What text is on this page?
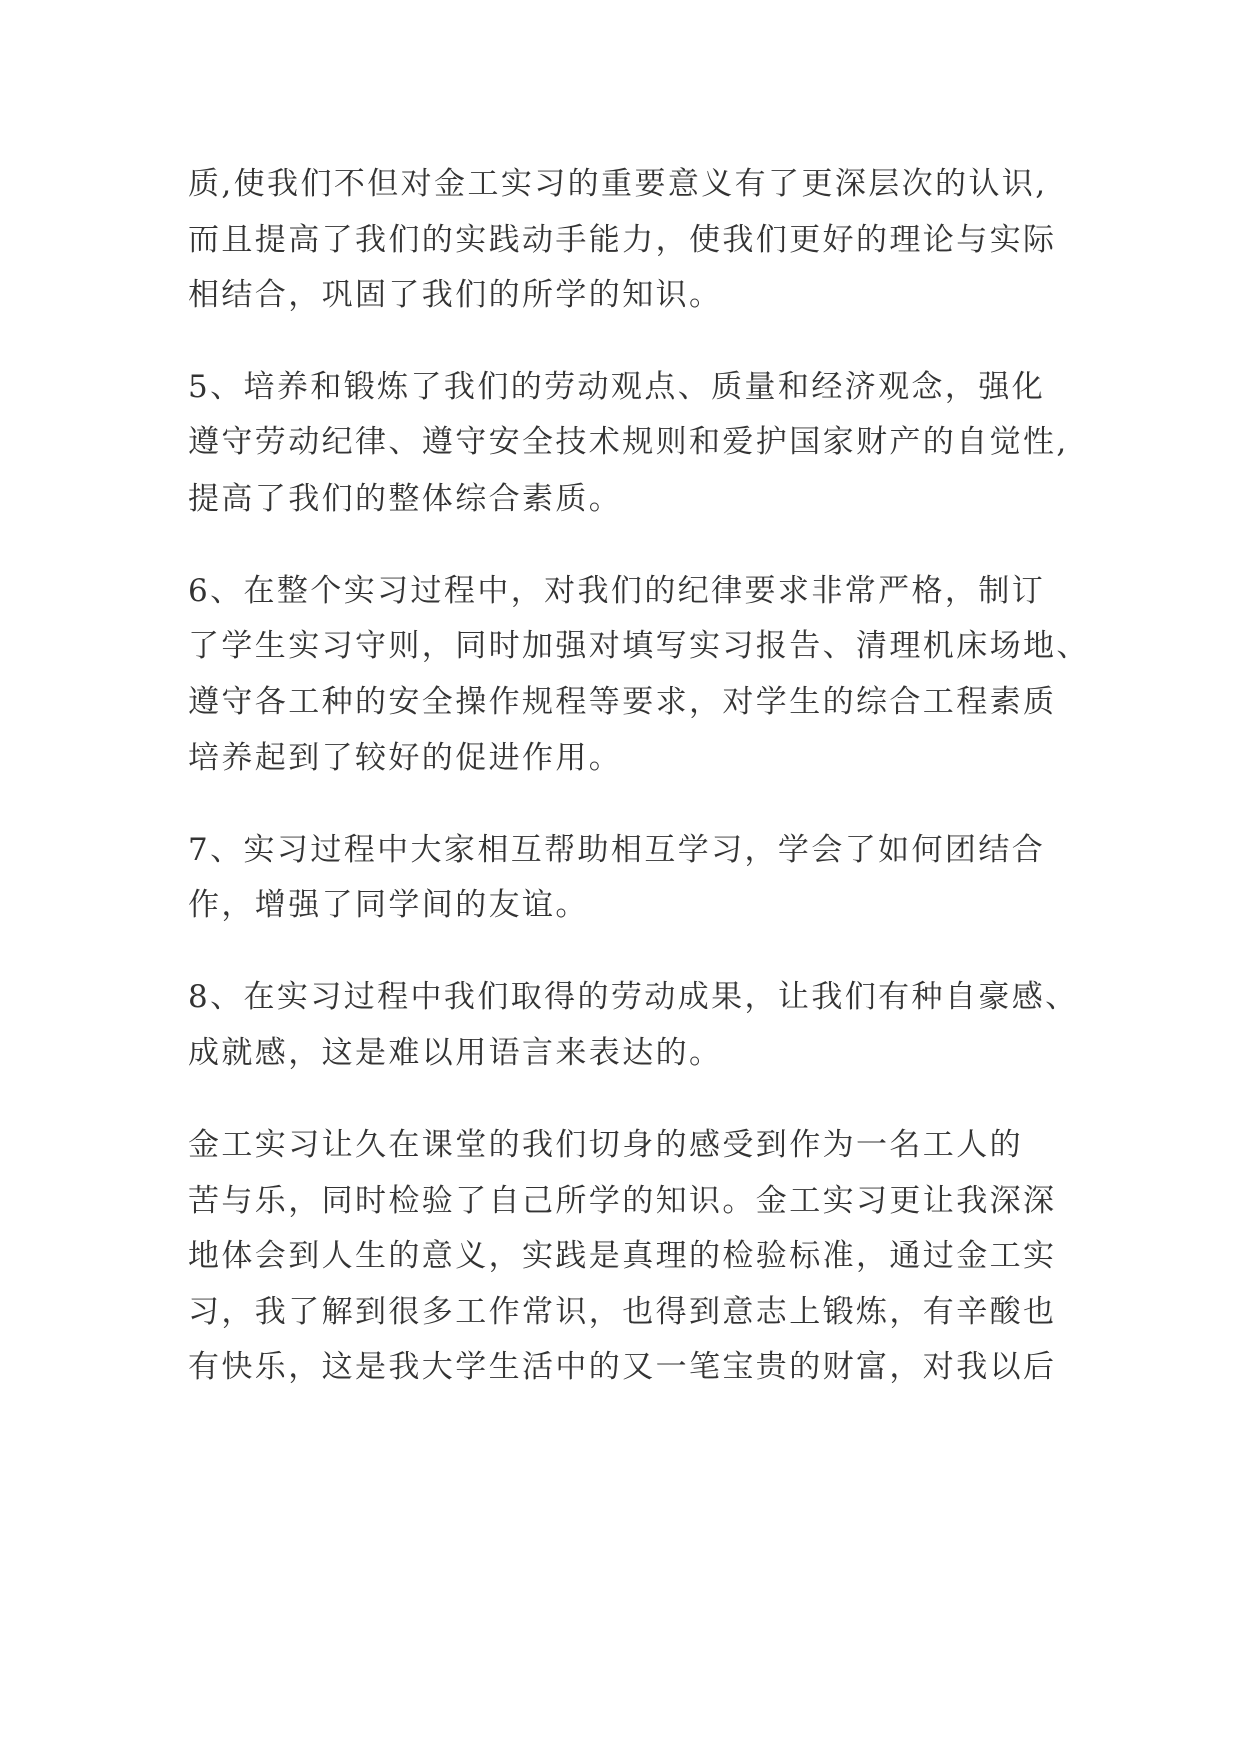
质,使我们不但对金工实习的重要意义有了更深层次的认识,
而且提高了我们的实践动手能力，使我们更好的理论与实际
相结合，巩固了我们的所学的知识。
5、培养和锻炼了我们的劳动观点、质量和经济观念，强化
遵守劳动纪律、遵守安全技术规则和爱护国家财产的自觉性,
提高了我们的整体综合素质。
6、在整个实习过程中，对我们的纪律要求非常严格，制订
了学生实习守则，同时加强对填写实习报告、清理机床场地、
遵守各工种的安全操作规程等要求，对学生的综合工程素质
培养起到了较好的促进作用。
7、实习过程中大家相互帮助相互学习，学会了如何团结合
作，增强了同学间的友谊。
8、在实习过程中我们取得的劳动成果，让我们有种自豪感、
成就感，这是难以用语言来表达的。
金工实习让久在课堂的我们切身的感受到作为一名工人的
苦与乐，同时检验了自己所学的知识。金工实习更让我深深
地体会到人生的意义，实践是真理的检验标准，通过金工实
习，我了解到很多工作常识，也得到意志上锻炼，有辛酸也
有快乐，这是我大学生活中的又一笔宝贵的财富，对我以后
